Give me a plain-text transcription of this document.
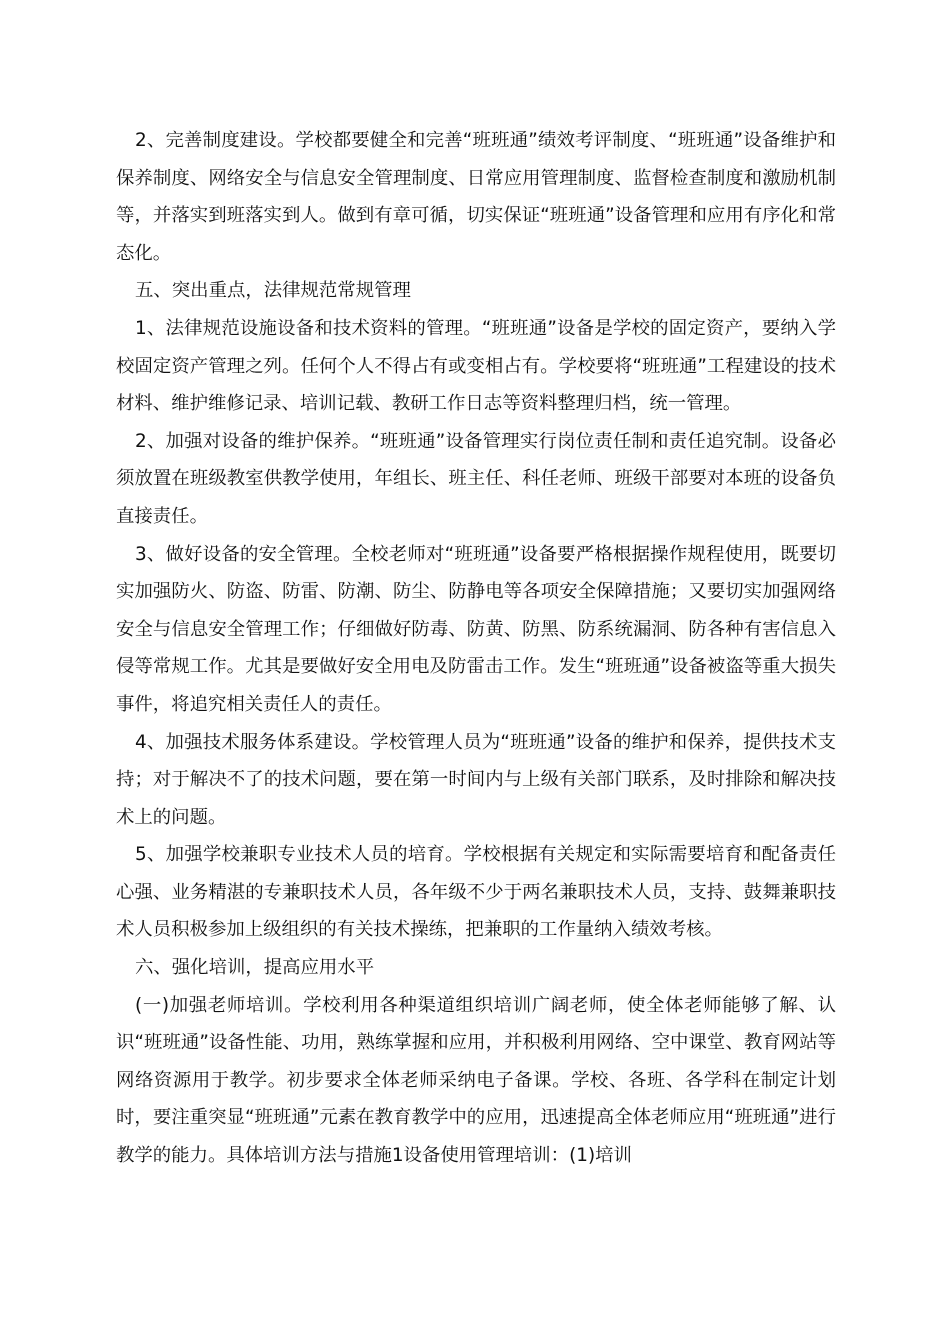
2、完善制度建设。学校都要健全和完善“班班通”绩效考评制度、“班班通”设备维护和保养制度、网络安全与信息安全管理制度、日常应用管理制度、监督检查制度和激励机制等，并落实到班落实到人。做到有章可循，切实保证“班班通”设备管理和应用有序化和常态化。

五、突出重点，法律规范常规管理

1、法律规范设施设备和技术资料的管理。“班班通”设备是学校的固定资产，要纳入学校固定资产管理之列。任何个人不得占有或变相占有。学校要将“班班通”工程建设的技术材料、维护维修记录、培训记载、教研工作日志等资料整理归档，统一管理。

2、加强对设备的维护保养。“班班通”设备管理实行岗位责任制和责任追究制。设备必须放置在班级教室供教学使用，年组长、班主任、科任老师、班级干部要对本班的设备负直接责任。

3、做好设备的安全管理。全校老师对“班班通”设备要严格根据操作规程使用，既要切实加强防火、防盗、防雷、防潮、防尘、防静电等各项安全保障措施；又要切实加强网络安全与信息安全管理工作；仔细做好防毒、防黄、防黑、防系统漏洞、防各种有害信息入侵等常规工作。尤其是要做好安全用电及防雷击工作。发生“班班通”设备被盗等重大损失事件，将追究相关责任人的责任。

4、加强技术服务体系建设。学校管理人员为“班班通”设备的维护和保养，提供技术支持；对于解决不了的技术问题，要在第一时间内与上级有关部门联系，及时排除和解决技术上的问题。

5、加强学校兼职专业技术人员的培育。学校根据有关规定和实际需要培育和配备责任心强、业务精湛的专兼职技术人员，各年级不少于两名兼职技术人员，支持、鼓舞兼职技术人员积极参加上级组织的有关技术操练，把兼职的工作量纳入绩效考核。

六、强化培训，提高应用水平

(一)加强老师培训。学校利用各种渠道组织培训广阔老师，使全体老师能够了解、认识“班班通”设备性能、功用，熟练掌握和应用，并积极利用网络、空中课堂、教育网站等网络资源用于教学。初步要求全体老师采纳电子备课。学校、各班、各学科在制定计划时，要注重突显“班班通”元素在教育教学中的应用，迅速提高全体老师应用“班班通”进行教学的能力。具体培训方法与措施1设备使用管理培训：(1)培训
